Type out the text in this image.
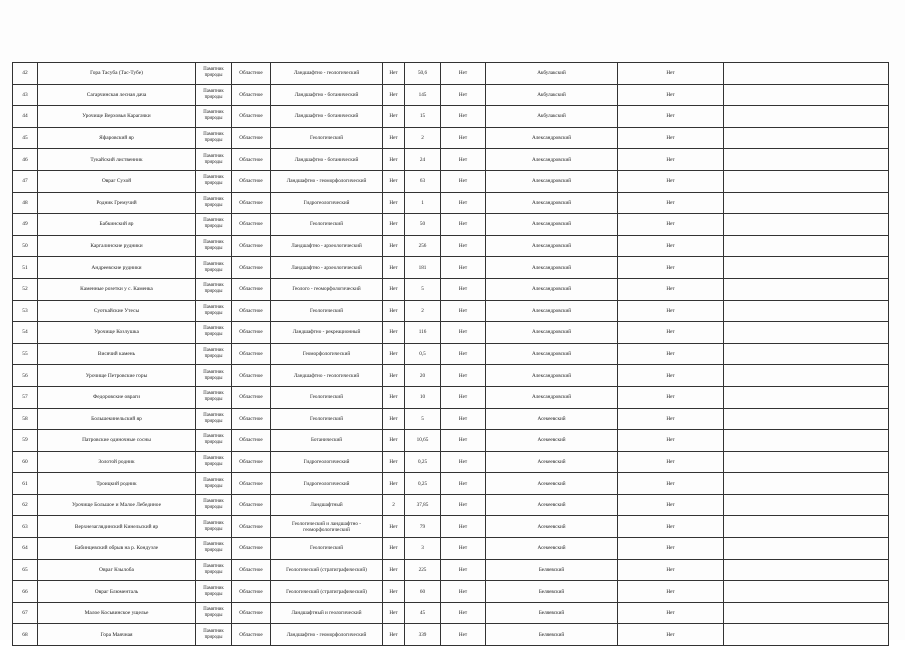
42	Гора Тасуба (Тас-Тубе)	Памятник природы	Областное	Ландшафтно - геологический	Нет	50,6	Нет	Акбулакский	Нет	
43	Сагарчинская лесная дача	Памятник природы	Областное	Ландшафтно - ботанический	Нет	145	Нет	Акбулакский	Нет	
44	Урочище Верховья Карагачки	Памятник природы	Областное	Ландшафтно - ботанический	Нет	15	Нет	Акбулакский	Нет	
45	Яфаровский яр	Памятник природы	Областное	Геологический	Нет	2	Нет	Александровский	Нет	
46	Тукайский лиственник	Памятник природы	Областное	Ландшафтно - ботанический	Нет	24	Нет	Александровский	Нет	
47	Овраг Сухой	Памятник природы	Областное	Ландшафтно - геоморфологический	Нет	63	Нет	Александровский	Нет	
48	Родник Гремучий	Памятник природы	Областное	Гидрогеологический	Нет	1	Нет	Александровский	Нет	
49	Бабкинский яр	Памятник природы	Областное	Геологический	Нет	50	Нет	Александровский	Нет	
50	Каргалинские рудники	Памятник природы	Областное	Ландшафтно - археологический	Нет	256	Нет	Александровский	Нет	
51	Андреевские рудники	Памятник природы	Областное	Ландшафтно - археологический	Нет	181	Нет	Александровский	Нет	
52	Каменные розетки у с. Каменка	Памятник природы	Областное	Геолого - геоморфологический	Нет	5	Нет	Александровский	Нет	
53	Суоткайские Утесы	Памятник природы	Областное	Геологический	Нет	2	Нет	Александровский	Нет	
54	Урочище Козлушка	Памятник природы	Областное	Ландшафтно - рекреационный	Нет	116	Нет	Александровский	Нет	
55	Висячий камень	Памятник природы	Областное	Геоморфологический	Нет	0,5	Нет	Александровский	Нет	
56	Урочище Петровские горы	Памятник природы	Областное	Ландшафтно - геологический	Нет	20	Нет	Александровский	Нет	
57	Федоровские овраги	Памятник природы	Областное	Геологический	Нет	10	Нет	Александровский	Нет	
58	Большекинельский яр	Памятник природы	Областное	Геологический	Нет	5	Нет	Асекеевский	Нет	
59	Патровские одиночные сосны	Памятник природы	Областное	Ботанический	Нет	10,65	Нет	Асекеевский	Нет	
60	Золотой родник	Памятник природы	Областное	Гидрогеологический	Нет	0,25	Нет	Асекеевский	Нет	
61	Троицкий родник	Памятник природы	Областное	Гидрогеологический	Нет	0,25	Нет	Асекеевский	Нет	
62	Урочище Большое и Малое Лебединое	Памятник природы	Областное	Ландшафтный	2	37,85	Нет	Асекеевский	Нет	
63	Верхнезаглядинский Кинельский яр	Памятник природы	Областное	Геологический и ландшафтно - геоморфологический	Нет	79	Нет	Асекеевский	Нет	
64	Бабинцевский обрыв на р. Кондузле	Памятник природы	Областное	Геологический	Нет	3	Нет	Асекеевский	Нет	
65	Овраг Кзылоба	Памятник природы	Областное	Геологический (стратиграфический)	Нет	225	Нет	Беляевский	Нет	
66	Овраг Блюменталь	Памятник природы	Областное	Геологический (стратиграфический)	Нет	60	Нет	Беляевский	Нет	
67	Малое Косьвинское ущелье	Памятник природы	Областное	Ландшафтный и геологический	Нет	45	Нет	Беляевский	Нет	
68	Гора Маячная	Памятник природы	Областное	Ландшафтно - геоморфологический	Нет	339	Нет	Беляевский	Нет	
